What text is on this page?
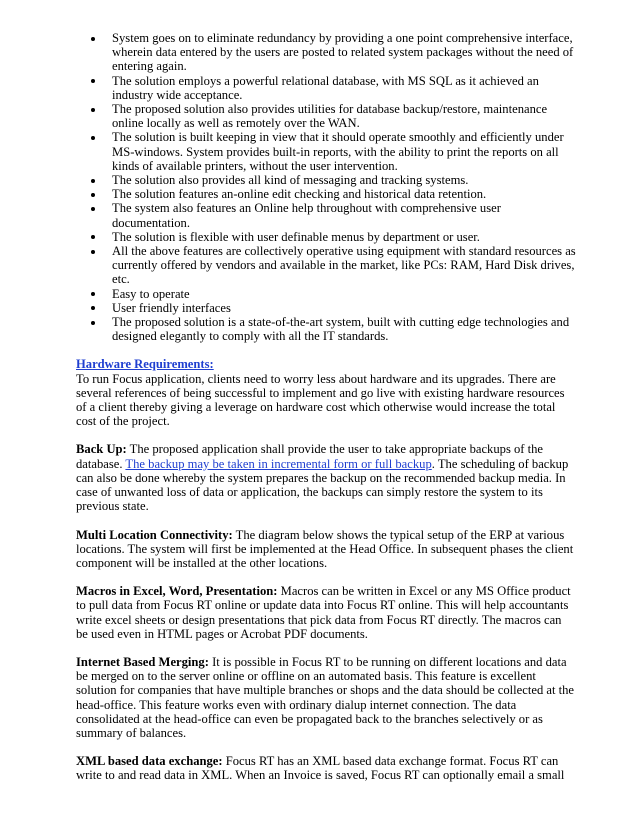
System goes on to eliminate redundancy by providing a one point comprehensive interface, wherein data entered by the users are posted to related system packages without the need of entering again.
The solution employs a powerful relational database, with MS SQL as it achieved an industry wide acceptance.
The proposed solution also provides utilities for database backup/restore, maintenance online locally as well as remotely over the WAN.
The solution is built keeping in view that it should operate smoothly and efficiently under MS-windows. System provides built-in reports, with the ability to print the reports on all kinds of available printers, without the user intervention.
The solution also provides all kind of messaging and tracking systems.
The solution features an-online edit checking and historical data retention.
The system also features an Online help throughout with comprehensive user documentation.
The solution is flexible with user definable menus by department or user.
All the above features are collectively operative using equipment with standard resources as currently offered by vendors and available in the market, like PCs: RAM, Hard Disk drives, etc.
Easy to operate
User friendly interfaces
The proposed solution is a state-of-the-art system, built with cutting edge technologies and designed elegantly to comply with all the IT standards.
Hardware Requirements:

To run Focus application, clients need to worry less about hardware and its upgrades. There are several references of being successful to implement and go live with existing hardware resources of a client thereby giving a leverage on hardware cost which otherwise would increase the total cost of the project.

Back Up: The proposed application shall provide the user to take appropriate backups of the database. The backup may be taken in incremental form or full backup. The scheduling of backup can also be done whereby the system prepares the backup on the recommended backup media. In case of unwanted loss of data or application, the backups can simply restore the system to its previous state.

Multi Location Connectivity: The diagram below shows the typical setup of the ERP at various locations. The system will first be implemented at the Head Office. In subsequent phases the client component will be installed at the other locations.

Macros in Excel, Word, Presentation: Macros can be written in Excel or any MS Office product to pull data from Focus RT online or update data into Focus RT online. This will help accountants write excel sheets or design presentations that pick data from Focus RT directly. The macros can be used even in HTML pages or Acrobat PDF documents.

Internet Based Merging: It is possible in Focus RT to be running on different locations and data be merged on to the server online or offline on an automated basis. This feature is excellent solution for companies that have multiple branches or shops and the data should be collected at the head-office. This feature works even with ordinary dialup internet connection. The data consolidated at the head-office can even be propagated back to the branches selectively or as summary of balances.

XML based data exchange: Focus RT has an XML based data exchange format. Focus RT can write to and read data in XML. When an Invoice is saved, Focus RT can optionally email a small
